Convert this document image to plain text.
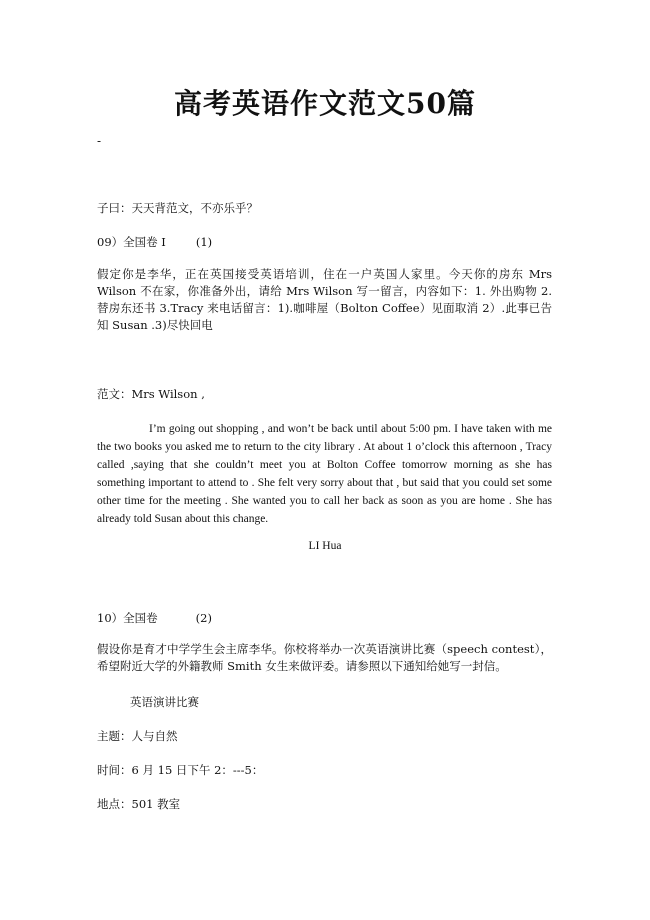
高考英语作文范文50篇
-
子曰：天天背范文，不亦乐乎？
09）全国卷 I	(1)
假定你是李华，正在英国接受英语培训，住在一户英国人家里。今天你的房东 Mrs Wilson 不在家，你准备外出，请给 Mrs Wilson 写一留言，内容如下：1. 外出购物 2.替房东还书 3.Tracy 来电话留言：1).咖啡屋（Bolton Coffee）见面取消 2）.此事已告知 Susan .3)尽快回电
范文：Mrs Wilson ,
I’m going out shopping , and won’t be back until about 5:00 pm. I have taken with me the two books you asked me to return to the city library . At about 1 o’clock this afternoon , Tracy called ,saying that she couldn’t meet you at Bolton Coffee tomorrow morning as she has something important to attend to . She felt very sorry about that , but said that you could set some other time for the meeting . She wanted you to call her back as soon as you are home . She has already told Susan about this change.
LI Hua
10）全国卷	(2)
假设你是育才中学学生会主席李华。你校将举办一次英语演讲比赛（speech contest），希望附近大学的外籍教师 Smith 女生来做评委。请参照以下通知给她写一封信。
英语演讲比赛
主题：人与自然
时间：6 月 15 日下午 2：---5：
地点：501 教室
